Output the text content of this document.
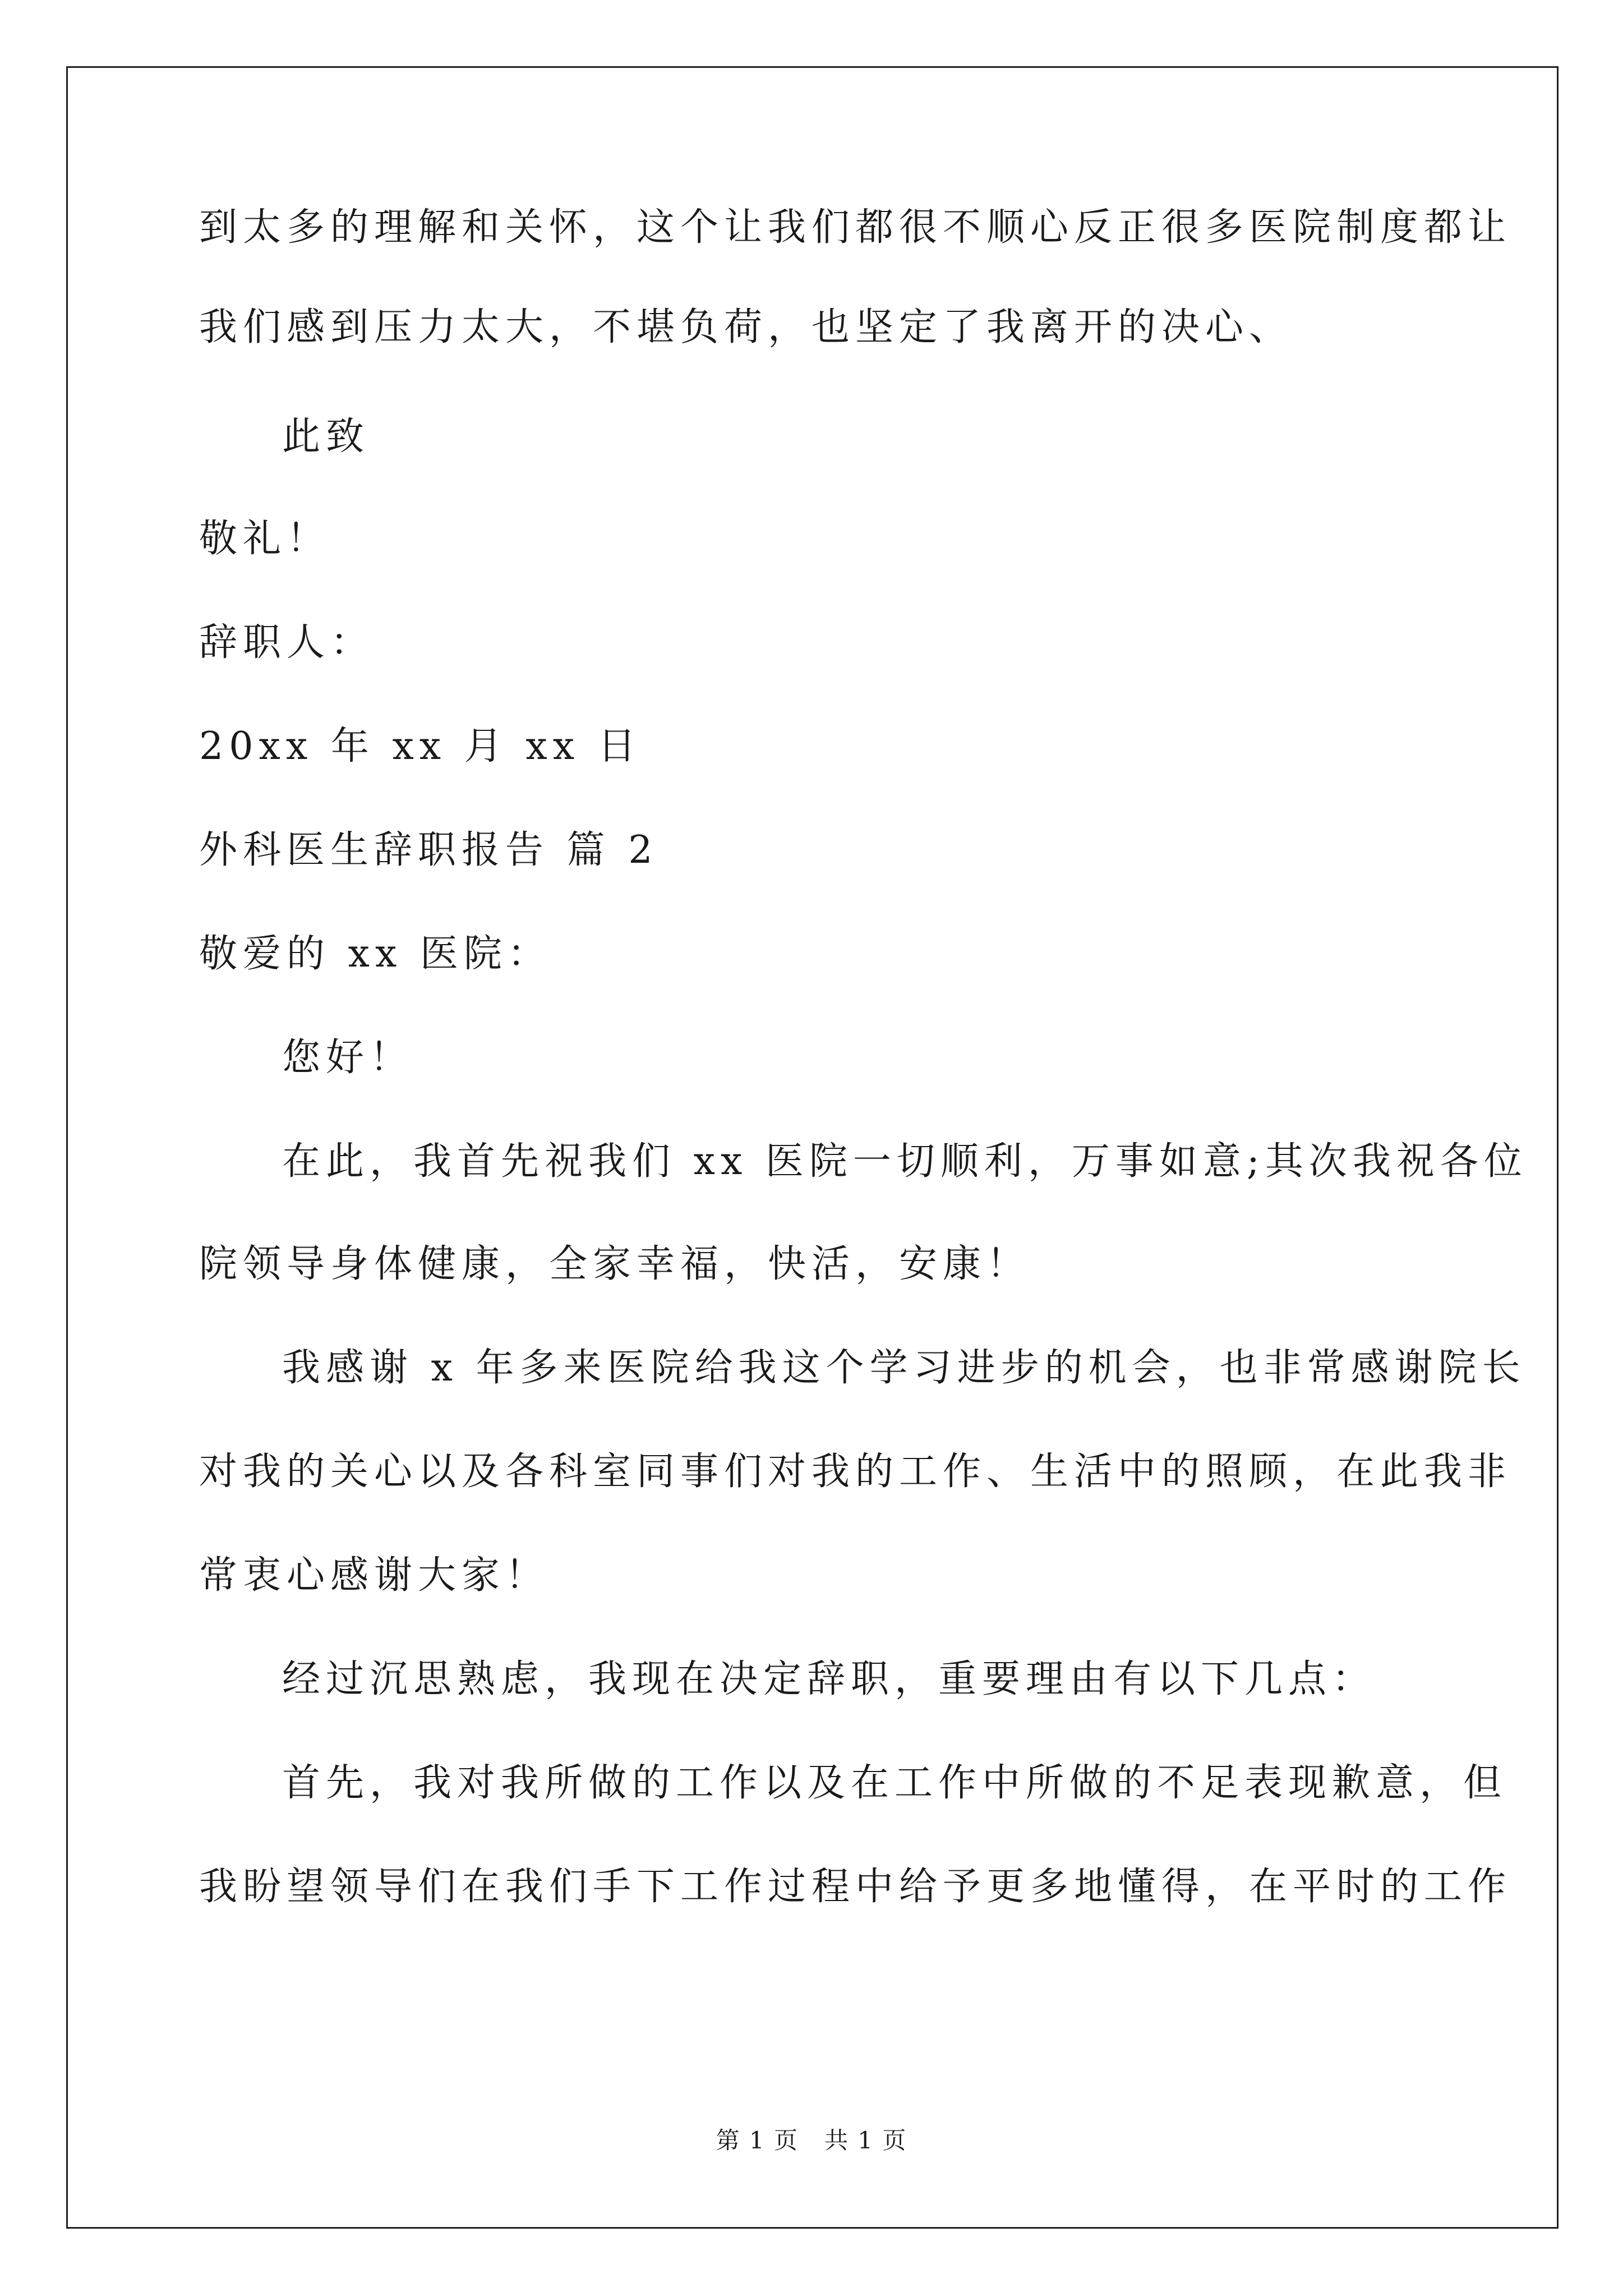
到太多的理解和关怀，这个让我们都很不顺心反正很多医院制度都让
我们感到压力太大，不堪负荷，也坚定了我离开的决心、
此致
敬礼！
辞职人：
20xx 年 xx 月 xx 日
外科医生辞职报告 篇 2
敬爱的 xx 医院：
您好！
在此，我首先祝我们 xx 医院一切顺利，万事如意;其次我祝各位
院领导身体健康，全家幸福，快活，安康！
我感谢 x 年多来医院给我这个学习进步的机会，也非常感谢院长
对我的关心以及各科室同事们对我的工作、生活中的照顾，在此我非
常衷心感谢大家！
经过沉思熟虑，我现在决定辞职，重要理由有以下几点：
首先，我对我所做的工作以及在工作中所做的不足表现歉意，但
我盼望领导们在我们手下工作过程中给予更多地懂得，在平时的工作
第 1 页 共 1 页
